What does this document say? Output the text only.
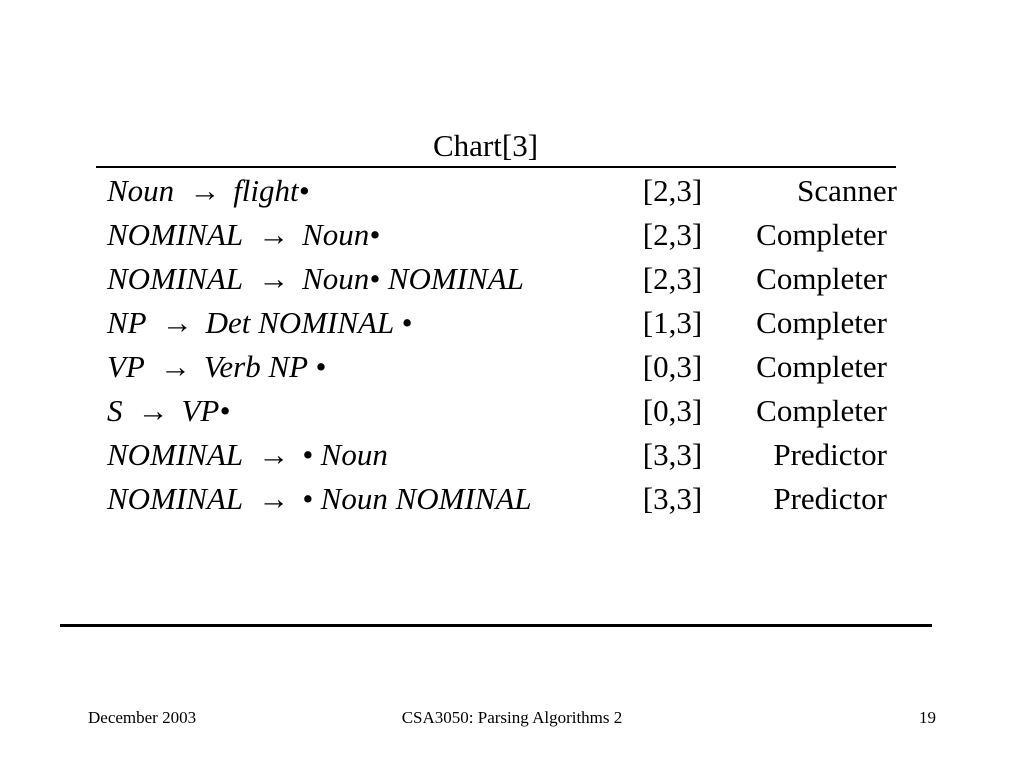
Chart[3]
Noun → flight•	[2,3]	Scanner
NOMINAL → Noun•	[2,3]	Completer
NOMINAL → Noun• NOMINAL	[2,3]	Completer
NP → Det NOMINAL •	[1,3]	Completer
VP → Verb NP •	[0,3]	Completer
S → VP•	[0,3]	Completer
NOMINAL → • Noun	[3,3]	Predictor
NOMINAL → • Noun NOMINAL	[3,3]	Predictor
December 2003	CSA3050: Parsing Algorithms 2	19
